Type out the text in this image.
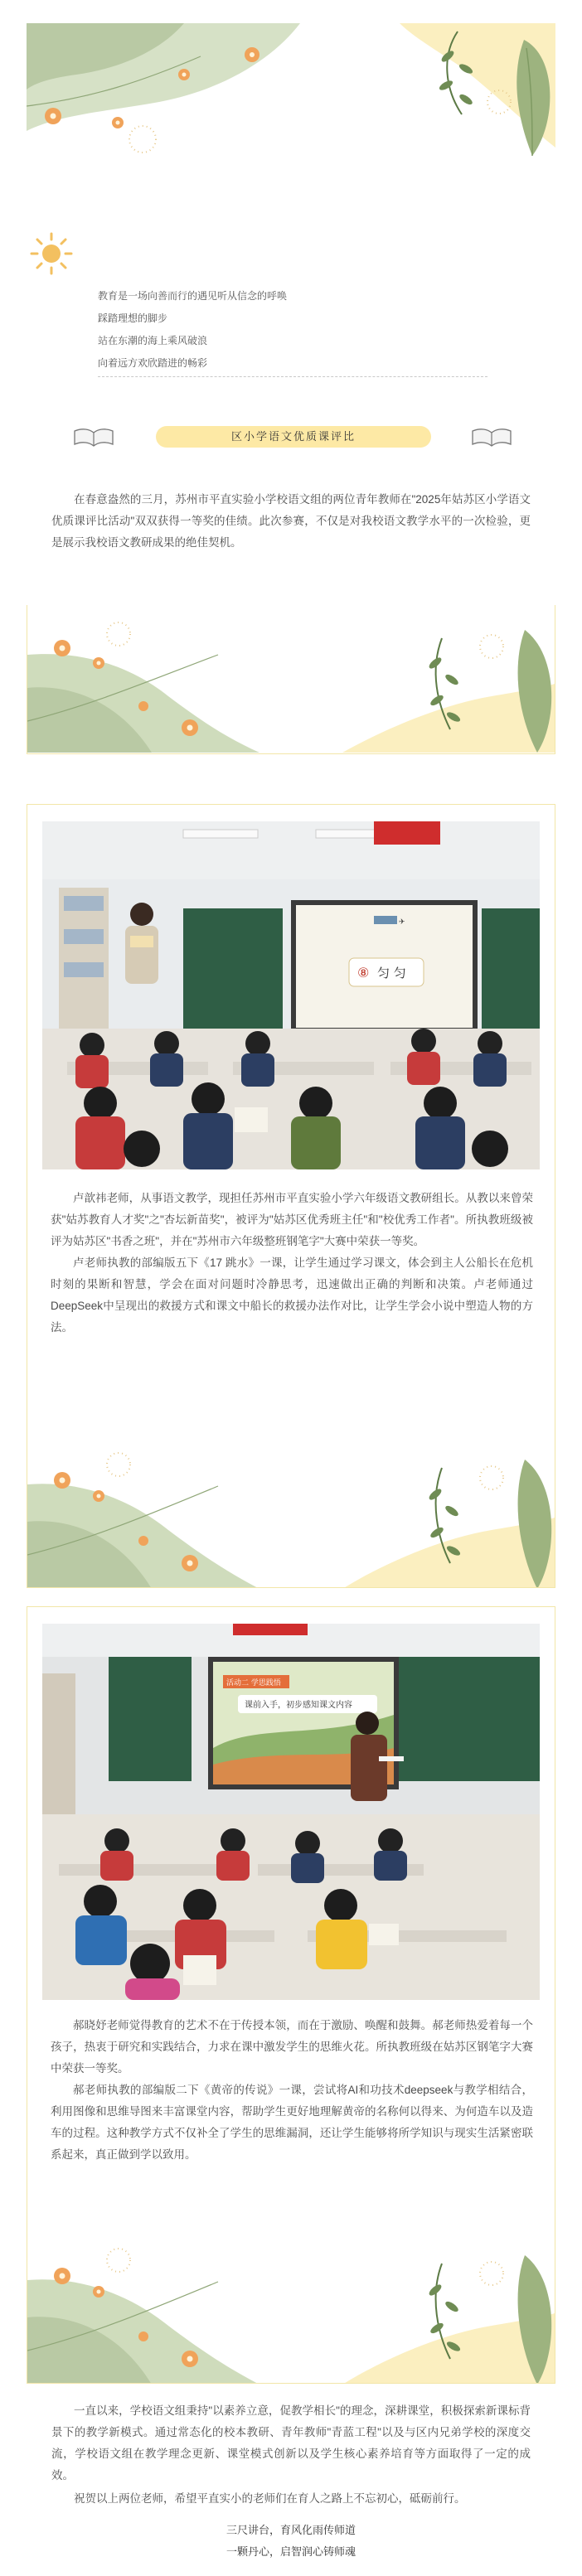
教育是一场向善而行的遇见听从信念的呼唤
踩踏理想的脚步
站在东潮的海上乘风破浪
向着远方欢欣踏进的畅彩
区小学语文优质课评比

在春意盎然的三月，苏州市平直实验小学校语文组的两位青年教师在"2025年姑苏区小学语文优质课评比活动"双双获得一等奖的佳绩。此次参赛，不仅是对我校语文教学水平的一次检验，更是展示我校语文教研成果的绝佳契机。

✈
⑧ 匀 匀

卢歆祎老师，从事语文教学，现担任苏州市平直实验小学六年级语文教研组长。从教以来曾荣获"姑苏教育人才奖"之"杏坛新苗奖"，被评为"姑苏区优秀班主任"和"校优秀工作者"。所执教班级被评为姑苏区"书香之班"，并在"苏州市六年级整班钢笔字"大赛中荣获一等奖。

卢老师执教的部编版五下《17 跳水》一课，让学生通过学习课文，体会到主人公船长在危机时刻的果断和智慧，学会在面对问题时冷静思考，迅速做出正确的判断和决策。卢老师通过DeepSeek中呈现出的救援方式和课文中船长的救援办法作对比，让学生学会小说中塑造人物的方法。

活动二 学思践悟
课前入手，初步感知课文内容

郝晓妤老师觉得教育的艺术不在于传授本领，而在于激励、唤醒和鼓舞。郝老师热爱着每一个孩子，热衷于研究和实践结合，力求在课中激发学生的思维火花。所执教班级在姑苏区钢笔字大赛中荣获一等奖。

郝老师执教的部编版二下《黄帝的传说》一课，尝试将AI和功技术deepseek与教学相结合，利用图像和思维导图来丰富课堂内容，帮助学生更好地理解黄帝的名称何以得来、为何造车以及造车的过程。这种教学方式不仅补全了学生的思维漏洞，还让学生能够将所学知识与现实生活紧密联系起来，真正做到学以致用。

一直以来，学校语文组秉持"以素养立意，促教学相长"的理念，深耕课堂，积极探索新课标背景下的教学新模式。通过常态化的校本教研、青年教师"青蓝工程"以及与区内兄弟学校的深度交流，学校语文组在教学理念更新、课堂模式创新以及学生核心素养培育等方面取得了一定的成效。

祝贺以上两位老师，希望平直实小的老师们在育人之路上不忘初心，砥砺前行。

三尺讲台，育风化雨传师道
一颗丹心，启智润心铸师魂
